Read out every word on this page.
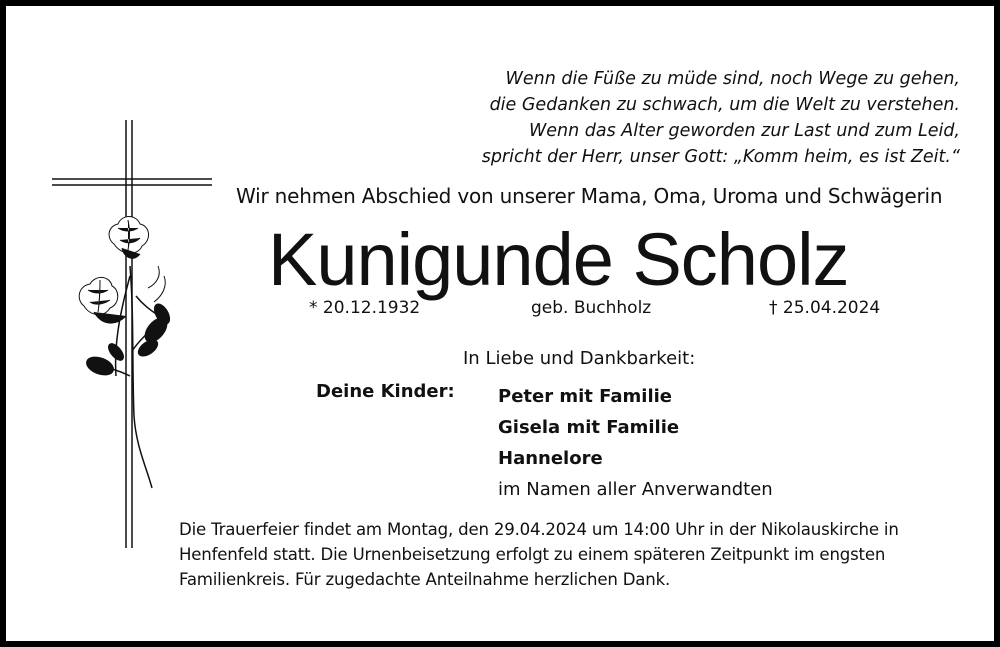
Wenn die Füße zu müde sind, noch Wege zu gehen,
die Gedanken zu schwach, um die Welt zu verstehen.
Wenn das Alter geworden zur Last und zum Leid,
spricht der Herr, unser Gott: „Komm heim, es ist Zeit.“
Wir nehmen Abschied von unserer Mama, Oma, Uroma und Schwägerin
Kunigunde Scholz
* 20.12.1932	geb. Buchholz	† 25.04.2024
In Liebe und Dankbarkeit:
Deine Kinder: Peter mit Familie
Gisela mit Familie
Hannelore
im Namen aller Anverwandten
Die Trauerfeier findet am Montag, den 29.04.2024 um 14:00 Uhr in der Nikolauskirche in
Henfenfeld statt. Die Urnenbeisetzung erfolgt zu einem späteren Zeitpunkt im engsten
Familienkreis. Für zugedachte Anteilnahme herzlichen Dank.
